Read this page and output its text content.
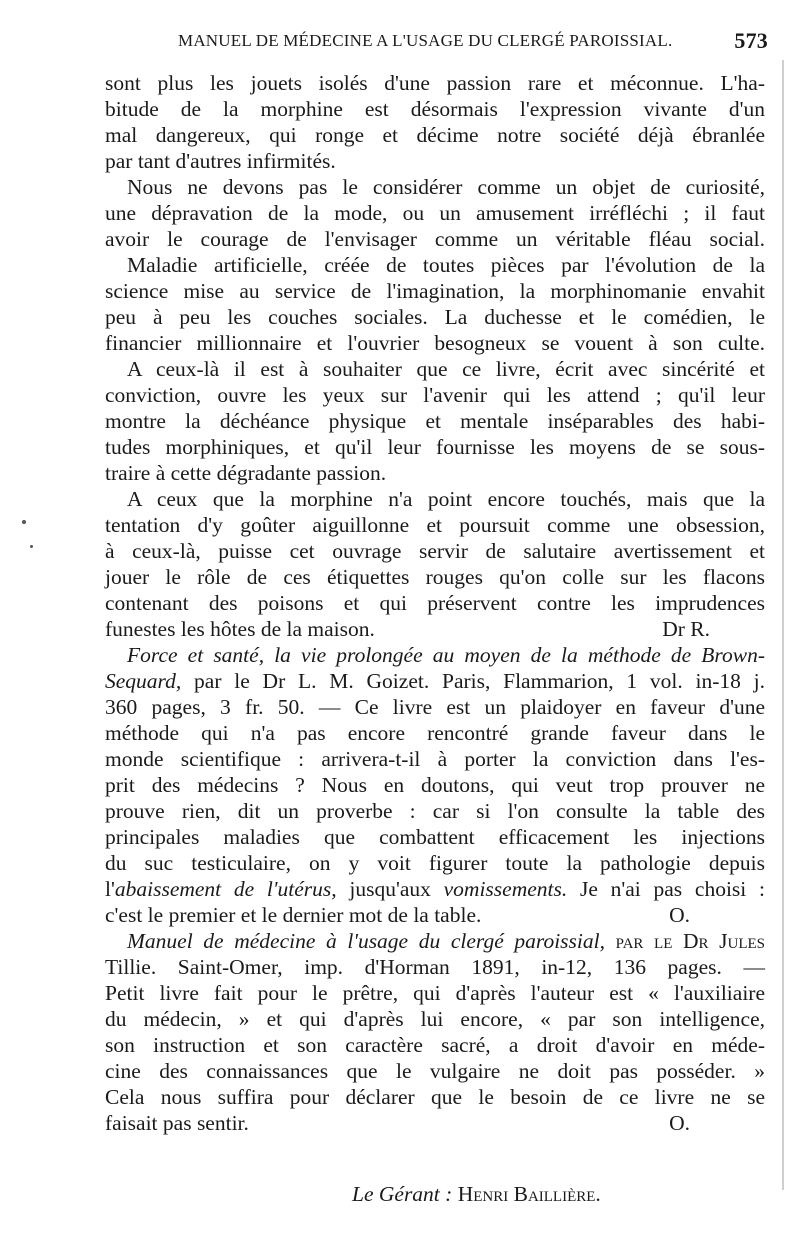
MANUEL DE MÉDECINE A L'USAGE DU CLERGÉ PAROISSIAL.	573
sont plus les jouets isolés d'une passion rare et méconnue. L'ha-
bitude de la morphine est désormais l'expression vivante d'un
mal dangereux, qui ronge et décime notre société déjà ébranlée
par tant d'autres infirmités.
Nous ne devons pas le considérer comme un objet de curiosité,
une dépravation de la mode, ou un amusement irréfléchi ; il faut
avoir le courage de l'envisager comme un véritable fléau social.
Maladie artificielle, créée de toutes pièces par l'évolution de la
science mise au service de l'imagination, la morphinomanie envahit
peu à peu les couches sociales. La duchesse et le comédien, le
financier millionnaire et l'ouvrier besogneux se vouent à son culte.
A ceux-là il est à souhaiter que ce livre, écrit avec sincérité et
conviction, ouvre les yeux sur l'avenir qui les attend ; qu'il leur
montre la déchéance physique et mentale inséparables des habi-
tudes morphiniques, et qu'il leur fournisse les moyens de se sous-
traire à cette dégradante passion.
A ceux que la morphine n'a point encore touchés, mais que la
tentation d'y goûter aiguillonne et poursuit comme une obsession,
à ceux-là, puisse cet ouvrage servir de salutaire avertissement et
jouer le rôle de ces étiquettes rouges qu'on colle sur les flacons
contenant des poisons et qui préservent contre les imprudences
funestes les hôtes de la maison.	Dr R.
Force et santé, la vie prolongée au moyen de la méthode de Brown-
Sequard, par le Dr L. M. Goizet. Paris, Flammarion, 1 vol. in-18 j.
360 pages, 3 fr. 50. — Ce livre est un plaidoyer en faveur d'une
méthode qui n'a pas encore rencontré grande faveur dans le
monde scientifique : arrivera-t-il à porter la conviction dans l'es-
prit des médecins ? Nous en doutons, qui veut trop prouver ne
prouve rien, dit un proverbe : car si l'on consulte la table des
principales maladies que combattent efficacement les injections
du suc testiculaire, on y voit figurer toute la pathologie depuis
l'abaissement de l'utérus, jusqu'aux vomissements. Je n'ai pas choisi :
c'est le premier et le dernier mot de la table.	O.
Manuel de médecine à l'usage du clergé paroissial, par le Dr Jules
Tillie. Saint-Omer, imp. d'Horman 1891, in-12, 136 pages. —
Petit livre fait pour le prêtre, qui d'après l'auteur est « l'auxiliaire
du médecin, » et qui d'après lui encore, « par son intelligence,
son instruction et son caractère sacré, a droit d'avoir en méde-
cine des connaissances que le vulgaire ne doit pas posséder. »
Cela nous suffira pour déclarer que le besoin de ce livre ne se
faisait pas sentir.	O.
Le Gérant : Henri Baillière.
